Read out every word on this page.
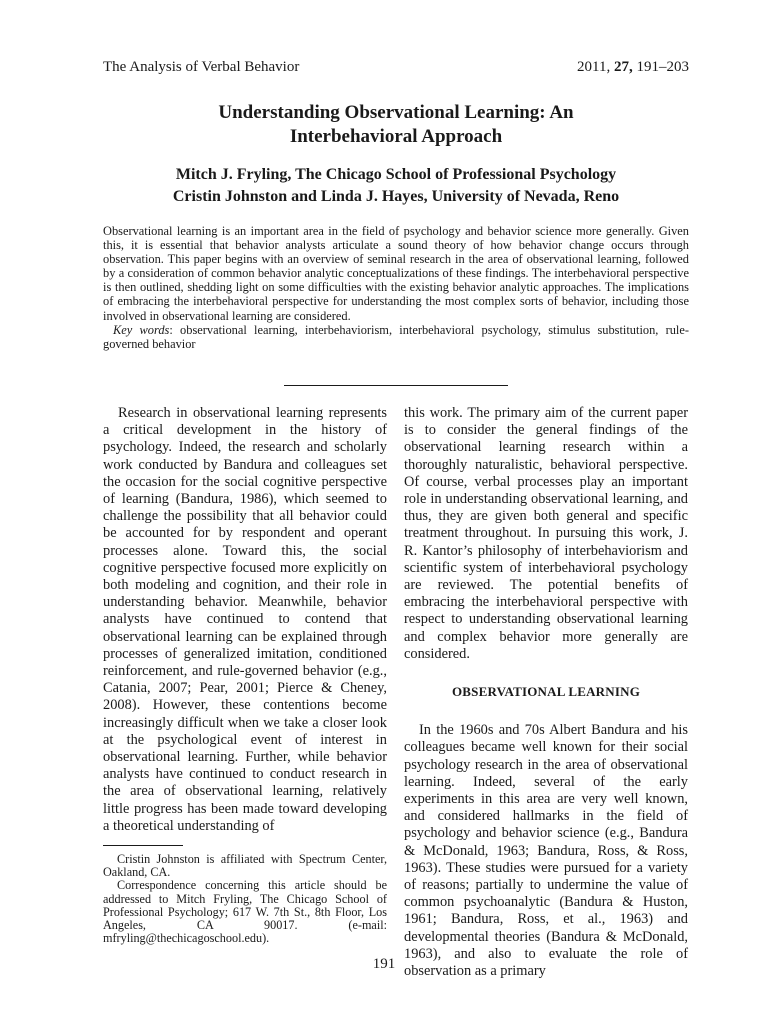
The Analysis of Verbal Behavior	2011, 27, 191–203
Understanding Observational Learning: An
Interbehavioral Approach
Mitch J. Fryling, The Chicago School of Professional Psychology
Cristin Johnston and Linda J. Hayes, University of Nevada, Reno

Observational learning is an important area in the field of psychology and behavior science more generally. Given this, it is essential that behavior analysts articulate a sound theory of how behavior change occurs through observation. This paper begins with an overview of seminal research in the area of observational learning, followed by a consideration of common behavior analytic conceptualizations of these findings. The interbehavioral perspective is then outlined, shedding light on some difficulties with the existing behavior analytic approaches. The implications of embracing the interbehavioral perspective for understanding the most complex sorts of behavior, including those involved in observational learning are considered.

Key words: observational learning, interbehaviorism, interbehavioral psychology, stimulus substitution, rule-governed behavior

Research in observational learning represents a critical development in the history of psychology. Indeed, the research and scholarly work conducted by Bandura and colleagues set the occasion for the social cognitive perspective of learning (Bandura, 1986), which seemed to challenge the possibility that all behavior could be accounted for by respondent and operant processes alone. Toward this, the social cognitive perspective focused more explicitly on both modeling and cognition, and their role in understanding behavior. Meanwhile, behavior analysts have continued to contend that observational learning can be explained through processes of generalized imitation, conditioned reinforcement, and rule-governed behavior (e.g., Catania, 2007; Pear, 2001; Pierce & Cheney, 2008). However, these contentions become increasingly difficult when we take a closer look at the psychological event of interest in observational learning. Further, while behavior analysts have continued to conduct research in the area of observational learning, relatively little progress has been made toward developing a theoretical understanding of

this work. The primary aim of the current paper is to consider the general findings of the observational learning research within a thoroughly naturalistic, behavioral perspective. Of course, verbal processes play an important role in understanding observational learning, and thus, they are given both general and specific treatment throughout. In pursuing this work, J. R. Kantor’s philosophy of interbehaviorism and scientific system of interbehavioral psychology are reviewed. The potential benefits of embracing the interbehavioral perspective with respect to understanding observational learning and complex behavior more generally are considered.

OBSERVATIONAL LEARNING

In the 1960s and 70s Albert Bandura and his colleagues became well known for their social psychology research in the area of observational learning. Indeed, several of the early experiments in this area are very well known, and considered hallmarks in the field of psychology and behavior science (e.g., Bandura & McDonald, 1963; Bandura, Ross, & Ross, 1963). These studies were pursued for a variety of reasons; partially to undermine the value of common psychoanalytic (Bandura & Huston, 1961; Bandura, Ross, et al., 1963) and developmental theories (Bandura & McDonald, 1963), and also to evaluate the role of observation as a primary

Cristin Johnston is affiliated with Spectrum Center, Oakland, CA.

Correspondence concerning this article should be addressed to Mitch Fryling, The Chicago School of Professional Psychology; 617 W. 7th St., 8th Floor, Los Angeles, CA 90017. (e-mail: mfryling@thechicagoschool.edu).

191
